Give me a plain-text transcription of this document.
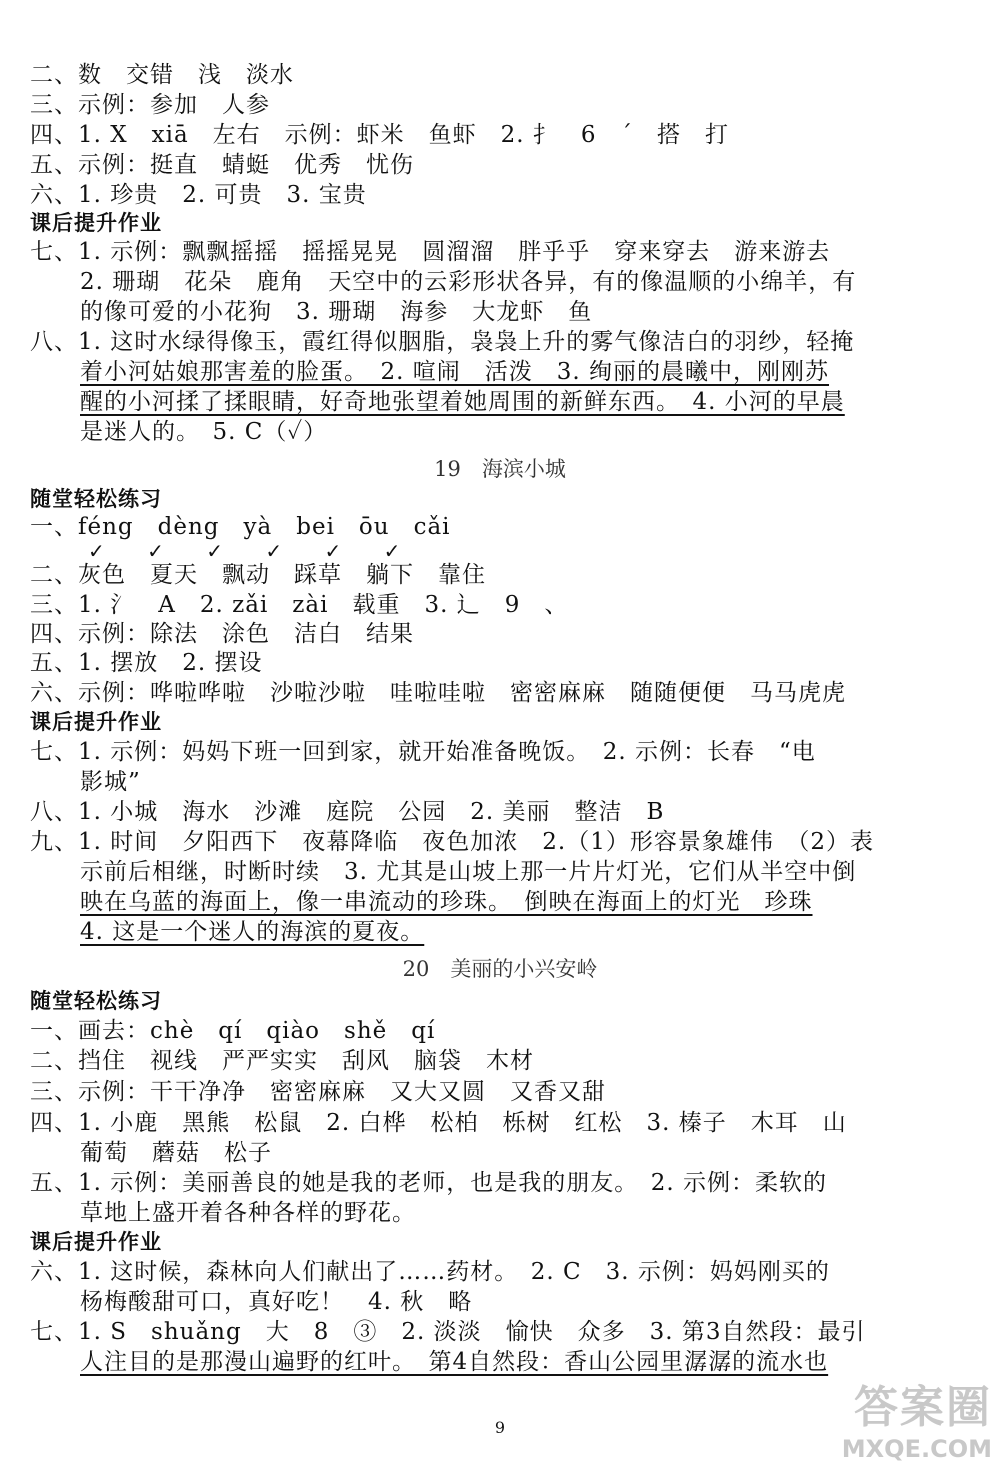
二、数　交错　浅　淡水
三、示例：参加　人参
四、1. X　xiā　左右　示例：虾米　鱼虾　2. 扌　6　ˊ　搭　打
五、示例：挺直　蜻蜓　优秀　忧伤
六、1. 珍贵　2. 可贵　3. 宝贵
课后提升作业
七、1. 示例：飘飘摇摇　摇摇晃晃　圆溜溜　胖乎乎　穿来穿去　游来游去
2. 珊瑚　花朵　鹿角　天空中的云彩形状各异，有的像温顺的小绵羊，有
的像可爱的小花狗　3. 珊瑚　海参　大龙虾　鱼
八、1. 这时水绿得像玉，霞红得似胭脂，袅袅上升的雾气像洁白的羽纱，轻掩
着小河姑娘那害羞的脸蛋。　2. 喧闹　活泼　3. 绚丽的晨曦中，刚刚苏
醒的小河揉了揉眼睛，好奇地张望着她周围的新鲜东西。　4. 小河的早晨
是迷人的。　5. C（✓）
19　海滨小城
随堂轻松练习
一、féng　dèng　yà　bei　ōu　cǎi
✓ ✓ ✓ ✓ ✓ ✓
二、灰色　夏天　飘动　踩草　躺下　靠住
三、1. 氵　A　2. zǎi　zài　载重　3. 辶　9　、
四、示例：除法　涂色　洁白　结果
五、1. 摆放　2. 摆设
六、示例：哗啦哗啦　沙啦沙啦　哇啦哇啦　密密麻麻　随随便便　马马虎虎
课后提升作业
七、1. 示例：妈妈下班一回到家，就开始准备晚饭。　2. 示例：长春　“电
影城”
八、1. 小城　海水　沙滩　庭院　公园　2. 美丽　整洁　B
九、1. 时间　夕阳西下　夜幕降临　夜色加浓　2.（1）形容景象雄伟　（2）表
示前后相继，时断时续　3. 尤其是山坡上那一片片灯光，它们从半空中倒
映在乌蓝的海面上，像一串流动的珍珠。　倒映在海面上的灯光　珍珠
4. 这是一个迷人的海滨的夏夜。
20　美丽的小兴安岭
随堂轻松练习
一、画去：chè　qí　qiào　shě　qí
二、挡住　视线　严严实实　刮风　脑袋　木材
三、示例：干干净净　密密麻麻　又大又圆　又香又甜
四、1. 小鹿　黑熊　松鼠　2. 白桦　松柏　栎树　红松　3. 榛子　木耳　山
葡萄　蘑菇　松子
五、1. 示例：美丽善良的她是我的老师，也是我的朋友。　2. 示例：柔软的
草地上盛开着各种各样的野花。
课后提升作业
六、1. 这时候，森林向人们献出了……药材。　2. C　3. 示例：妈妈刚买的
杨梅酸甜可口，真好吃！　4. 秋　略
七、1. S　shuǎng　大　8　③　2. 淡淡　愉快　众多　3. 第3自然段：最引
人注目的是那漫山遍野的红叶。　第4自然段：香山公园里潺潺的流水也
9	答案圈
MXQE.COM
